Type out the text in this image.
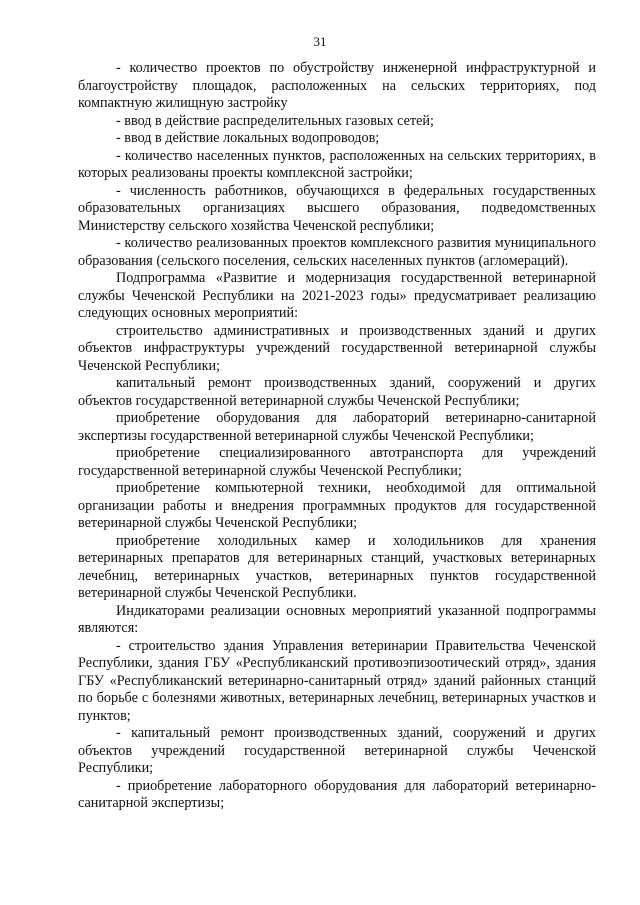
31

- количество проектов по обустройству инженерной инфраструктурной и благоустройству площадок, расположенных на сельских территориях, под компактную жилищную застройку

- ввод в действие распределительных газовых сетей;

- ввод в действие локальных водопроводов;

- количество населенных пунктов, расположенных на сельских территориях, в которых реализованы проекты комплексной застройки;

- численность работников, обучающихся в федеральных государственных образовательных организациях высшего образования, подведомственных Министерству сельского хозяйства Чеченской республики;

- количество реализованных проектов комплексного развития муниципального образования (сельского поселения, сельских населенных пунктов (агломераций).

Подпрограмма «Развитие и модернизация государственной ветеринарной службы Чеченской Республики на 2021-2023 годы» предусматривает реализацию следующих основных мероприятий:

строительство административных и производственных зданий и других объектов инфраструктуры учреждений государственной ветеринарной службы Чеченской Республики;

капитальный ремонт производственных зданий, сооружений и других объектов государственной ветеринарной службы Чеченской Республики;

приобретение оборудования для лабораторий ветеринарно-санитарной экспертизы государственной ветеринарной службы Чеченской Республики;

приобретение специализированного автотранспорта для учреждений государственной ветеринарной службы Чеченской Республики;

приобретение компьютерной техники, необходимой для оптимальной организации работы и внедрения программных продуктов для государственной ветеринарной службы Чеченской Республики;

приобретение холодильных камер и холодильников для хранения ветеринарных препаратов для ветеринарных станций, участковых ветеринарных лечебниц, ветеринарных участков, ветеринарных пунктов государственной ветеринарной службы Чеченской Республики.

Индикаторами реализации основных мероприятий указанной подпрограммы являются:

- строительство здания Управления ветеринарии Правительства Чеченской Республики, здания ГБУ «Республиканский противоэпизоотический отряд», здания ГБУ «Республиканский ветеринарно-санитарный отряд» зданий районных станций по борьбе с болезнями животных, ветеринарных лечебниц, ветеринарных участков и пунктов;

- капитальный ремонт производственных зданий, сооружений и других объектов учреждений государственной ветеринарной службы Чеченской Республики;

- приобретение лабораторного оборудования для лабораторий ветеринарно-санитарной экспертизы;
